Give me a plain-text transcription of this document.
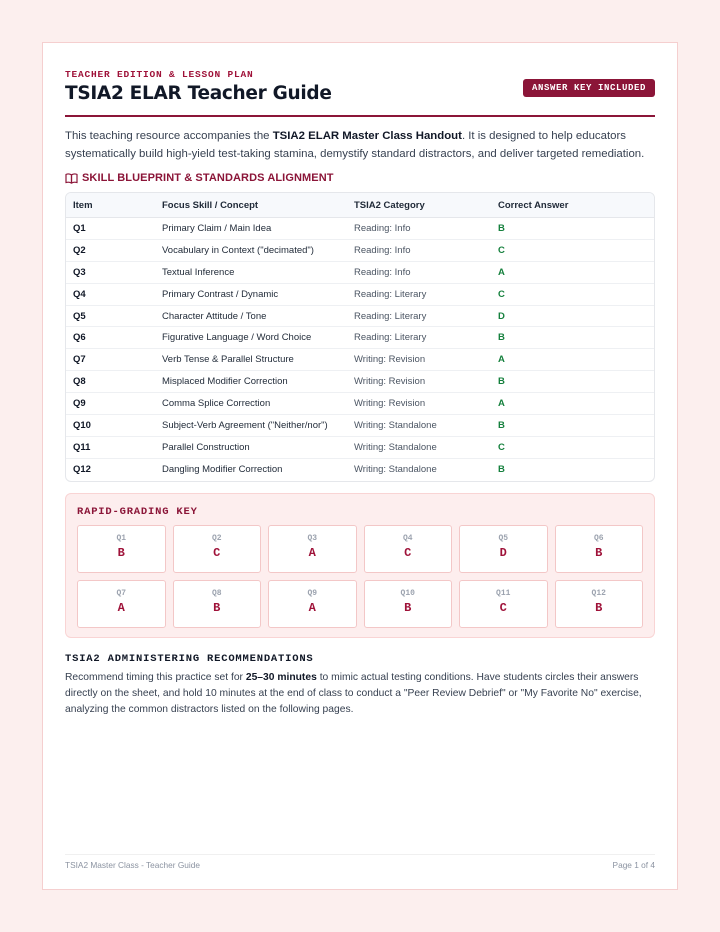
TEACHER EDITION & LESSON PLAN
TSIA2 ELAR Teacher Guide	ANSWER KEY INCLUDED

This teaching resource accompanies the TSIA2 ELAR Master Class Handout. It is designed to help educators systematically build high-yield test-taking stamina, demystify standard distractors, and deliver targeted remediation.

SKILL BLUEPRINT & STANDARDS ALIGNMENT
Item	Focus Skill / Concept	TSIA2 Category	Correct Answer
Q1	Primary Claim / Main Idea	Reading: Info	B
Q2	Vocabulary in Context ("decimated")	Reading: Info	C
Q3	Textual Inference	Reading: Info	A
Q4	Primary Contrast / Dynamic	Reading: Literary	C
Q5	Character Attitude / Tone	Reading: Literary	D
Q6	Figurative Language / Word Choice	Reading: Literary	B
Q7	Verb Tense & Parallel Structure	Writing: Revision	A
Q8	Misplaced Modifier Correction	Writing: Revision	B
Q9	Comma Splice Correction	Writing: Revision	A
Q10	Subject-Verb Agreement ("Neither/nor")	Writing: Standalone	B
Q11	Parallel Construction	Writing: Standalone	C
Q12	Dangling Modifier Correction	Writing: Standalone	B
RAPID-GRADING KEY
Q1
B
Q2
C
Q3
A
Q4
C
Q5
D
Q6
B
Q7
A
Q8
B
Q9
A
Q10
B
Q11
C
Q12
B
TSIA2 ADMINISTERING RECOMMENDATIONS

Recommend timing this practice set for 25–30 minutes to mimic actual testing conditions. Have students circles their answers directly on the sheet, and hold 10 minutes at the end of class to conduct a "Peer Review Debrief" or "My Favorite No" exercise, analyzing the common distractors listed on the following pages.

TSIA2 Master Class - Teacher Guide	Page 1 of 4
